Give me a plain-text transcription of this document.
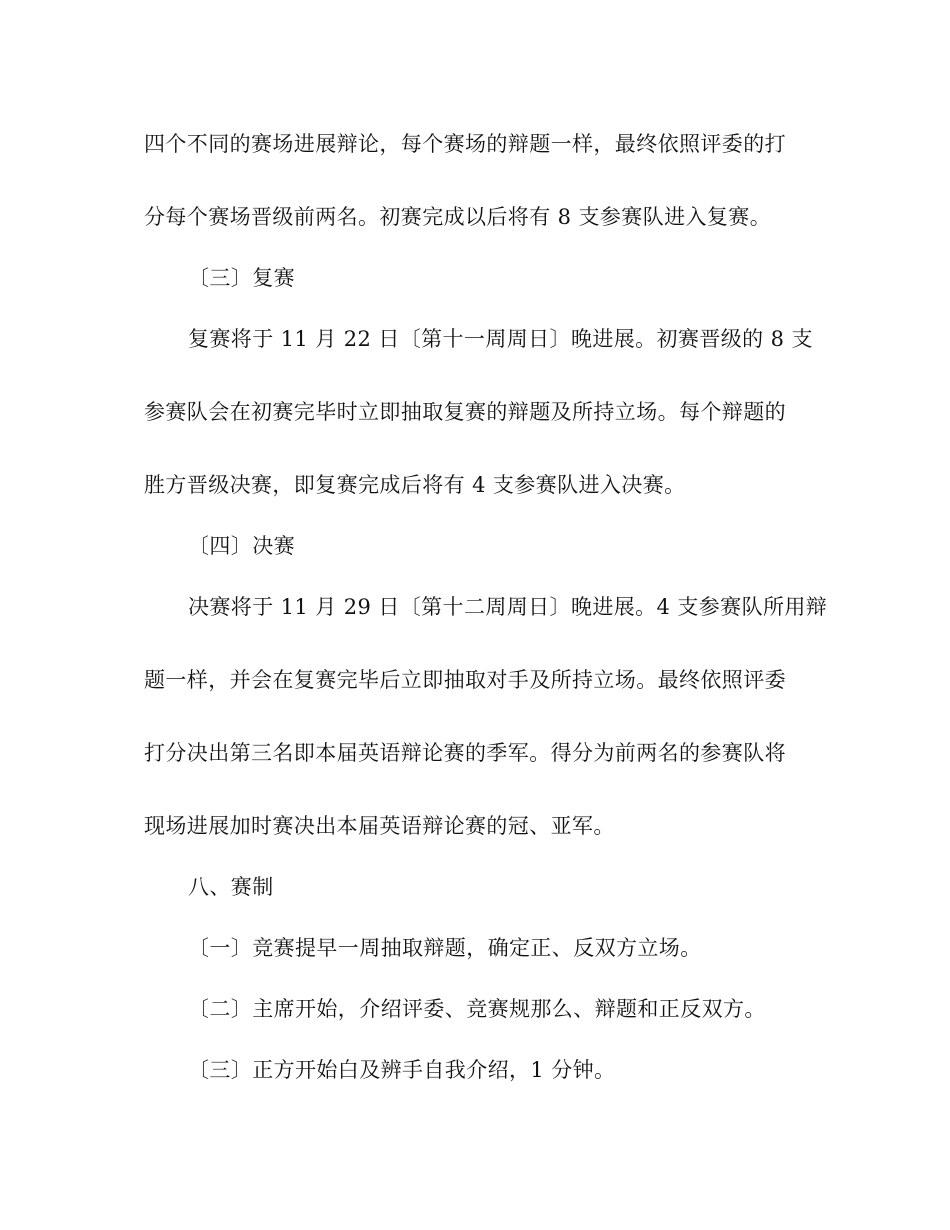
四个不同的赛场进展辩论，每个赛场的辩题一样，最终依照评委的打
分每个赛场晋级前两名。初赛完成以后将有 8 支参赛队进入复赛。
〔三〕复赛
复赛将于 11 月 22 日〔第十一周周日〕晚进展。初赛晋级的 8 支
参赛队会在初赛完毕时立即抽取复赛的辩题及所持立场。每个辩题的
胜方晋级决赛，即复赛完成后将有 4 支参赛队进入决赛。
〔四〕决赛
决赛将于 11 月 29 日〔第十二周周日〕晚进展。4 支参赛队所用辩
题一样，并会在复赛完毕后立即抽取对手及所持立场。最终依照评委
打分决出第三名即本届英语辩论赛的季军。得分为前两名的参赛队将
现场进展加时赛决出本届英语辩论赛的冠、亚军。
八、赛制
〔一〕竞赛提早一周抽取辩题，确定正、反双方立场。
〔二〕主席开始，介绍评委、竞赛规那么、辩题和正反双方。
〔三〕正方开始白及辨手自我介绍，1 分钟。
